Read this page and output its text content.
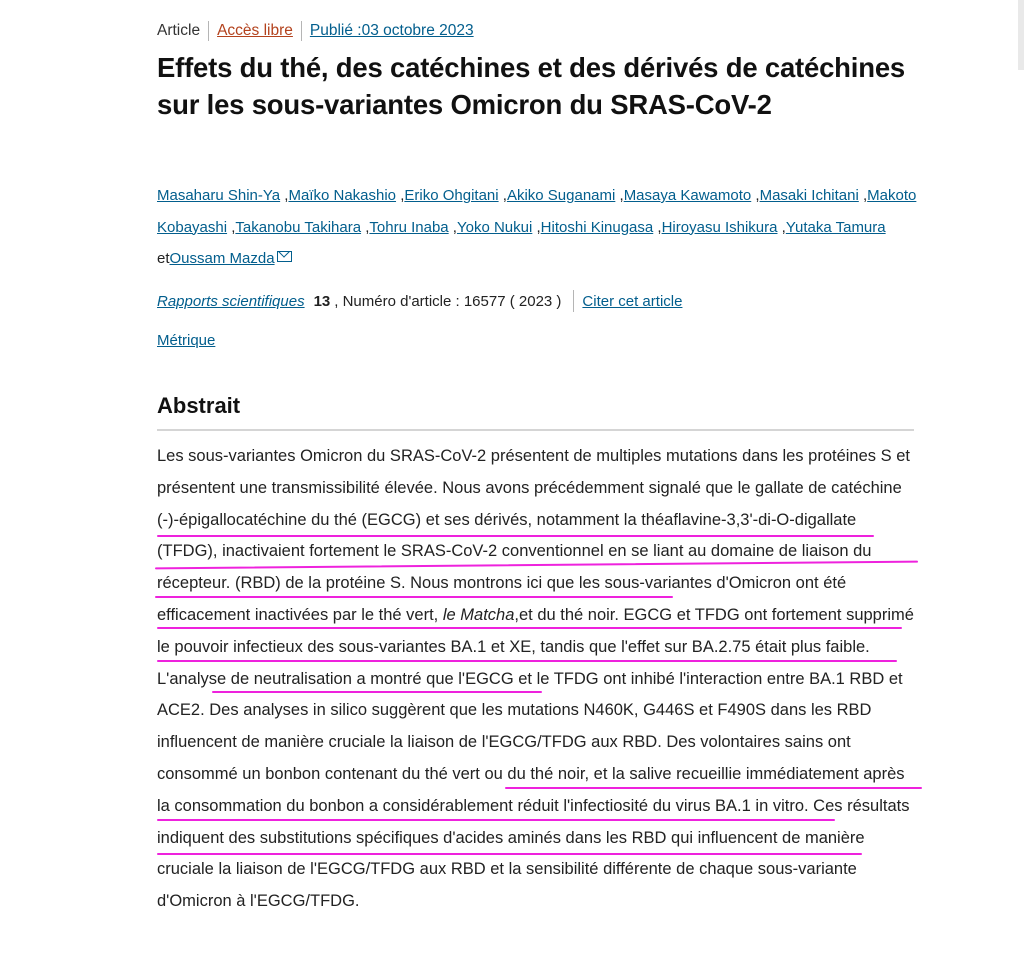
Article Accès libre Publié :03 octobre 2023
Effets du thé, des catéchines et des dérivés de catéchines sur les sous-variantes Omicron du SRAS-CoV-2
Masaharu Shin-Ya ,Maïko Nakashio ,Eriko Ohgitani ,Akiko Suganami ,Masaya Kawamoto ,Masaki Ichitani ,Makoto Kobayashi ,Takanobu Takihara ,Tohru Inaba ,Yoko Nukui ,Hitoshi Kinugasa ,Hiroyasu Ishikura ,Yutaka Tamura etOussam Mazda
Rapports scientifiques 13 , Numéro d'article : 16577 ( 2023 ) Citer cet article
Métrique
Abstrait

Les sous-variantes Omicron du SRAS-CoV-2 présentent de multiples mutations dans les protéines S et présentent une transmissibilité élevée. Nous avons précédemment signalé que le gallate de catéchine (-)-épigallocatéchine du thé (EGCG) et ses dérivés, notamment la théaflavine-3,3'-di-O-digallate (TFDG), inactivaient fortement le SRAS-CoV-2 conventionnel en se liant au domaine de liaison du récepteur. (RBD) de la protéine S. Nous montrons ici que les sous-variantes d'Omicron ont été efficacement inactivées par le thé vert, le Matcha,et du thé noir. EGCG et TFDG ont fortement supprimé le pouvoir infectieux des sous-variantes BA.1 et XE, tandis que l'effet sur BA.2.75 était plus faible. L'analyse de neutralisation a montré que l'EGCG et le TFDG ont inhibé l'interaction entre BA.1 RBD et ACE2. Des analyses in silico suggèrent que les mutations N460K, G446S et F490S dans les RBD influencent de manière cruciale la liaison de l'EGCG/TFDG aux RBD. Des volontaires sains ont consommé un bonbon contenant du thé vert ou du thé noir, et la salive recueillie immédiatement après la consommation du bonbon a considérablement réduit l'infectiosité du virus BA.1 in vitro. Ces résultats indiquent des substitutions spécifiques d'acides aminés dans les RBD qui influencent de manière cruciale la liaison de l'EGCG/TFDG aux RBD et la sensibilité différente de chaque sous-variante d'Omicron à l'EGCG/TFDG.
